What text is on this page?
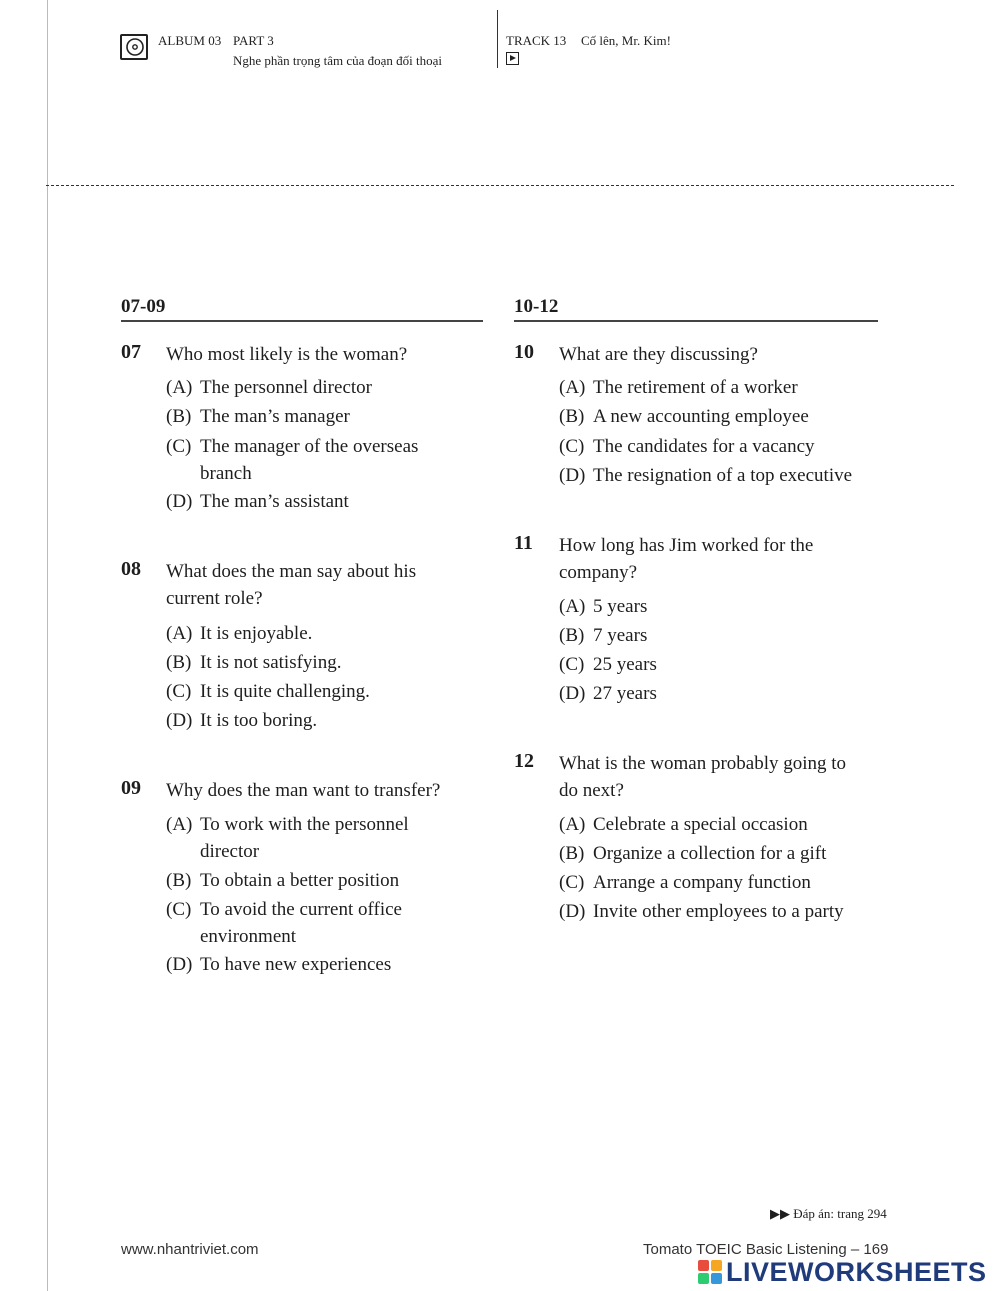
ALBUM 03 PART 3
Nghe phần trọng tâm của đoạn đối thoại
TRACK 13 Cố lên, Mr. Kim!
07-09
07 Who most likely is the woman?
(A) The personnel director
(B) The man’s manager
(C) The manager of the overseas
branch
(D) The man’s assistant
08 What does the man say about his
current role?
(A) It is enjoyable.
(B) It is not satisfying.
(C) It is quite challenging.
(D) It is too boring.
09 Why does the man want to transfer?
(A) To work with the personnel
director
(B) To obtain a better position
(C) To avoid the current office
environment
(D) To have new experiences
10-12
10 What are they discussing?
(A) The retirement of a worker
(B) A new accounting employee
(C) The candidates for a vacancy
(D) The resignation of a top executive
11 How long has Jim worked for the
company?
(A) 5 years
(B) 7 years
(C) 25 years
(D) 27 years
12 What is the woman probably going to
do next?
(A) Celebrate a special occasion
(B) Organize a collection for a gift
(C) Arrange a company function
(D) Invite other employees to a party
▶▶ Đáp án: trang 294
www.nhantriviet.com	Tomato TOEIC Basic Listening – 169
LIVEWORKSHEETS
